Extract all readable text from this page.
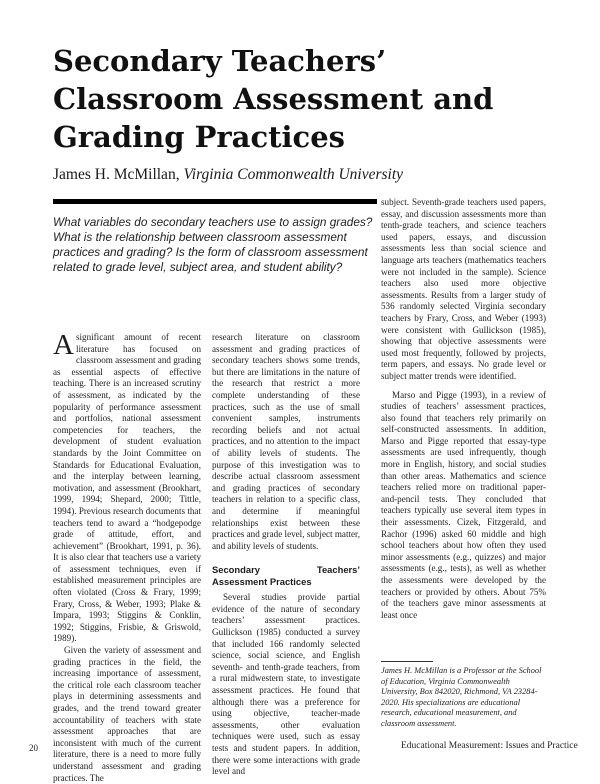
Secondary Teachers’ Classroom Assessment and Grading Practices
James H. McMillan, Virginia Commonwealth University

What variables do secondary teachers use to assign grades? What is the relationship between classroom assessment practices and grading? Is the form of classroom assessment related to grade level, subject area, and student ability?

A significant amount of recent literature has focused on classroom assessment and grading as essential aspects of effective teaching. There is an increased scrutiny of assessment, as indicated by the popularity of performance assessment and portfolios, national assessment competencies for teachers, the development of student evaluation standards by the Joint Committee on Standards for Educational Evaluation, and the interplay between learning, motivation, and assessment (Brookhart, 1999, 1994; Shepard, 2000; Tittle, 1994). Previous research documents that teachers tend to award a “hodgepodge grade of attitude, effort, and achievement” (Brookhart, 1991, p. 36). It is also clear that teachers use a variety of assessment techniques, even if established measurement principles are often violated (Cross & Frary, 1999; Frary, Cross, & Weber, 1993; Plake & Impara, 1993; Stiggins & Conklin, 1992; Stiggins, Frisbie, & Griswold, 1989).

Given the variety of assessment and grading practices in the field, the increasing importance of assessment, the critical role each classroom teacher plays in determining assessments and grades, and the trend toward greater accountability of teachers with state assessment approaches that are inconsistent with much of the current literature, there is a need to more fully understand assessment and grading practices. The

research literature on classroom assessment and grading practices of secondary teachers shows some trends, but there are limitations in the nature of the research that restrict a more complete understanding of these practices, such as the use of small convenient samples, instruments recording beliefs and not actual practices, and no attention to the impact of ability levels of students. The purpose of this investigation was to describe actual classroom assessment and grading practices of secondary teachers in relation to a specific class, and determine if meaningful relationships exist between these practices and grade level, subject matter, and ability levels of students.

Secondary Teachers’ Assessment Practices

Several studies provide partial evidence of the nature of secondary teachers’ assessment practices. Gullickson (1985) conducted a survey that included 166 randomly selected science, social science, and English seventh- and tenth-grade teachers, from a rural midwestern state, to investigate assessment practices. He found that although there was a preference for using objective, teacher-made assessments, other evaluation techniques were used, such as essay tests and student papers. In addition, there were some interactions with grade level and

subject. Seventh-grade teachers used papers, essay, and discussion assessments more than tenth-grade teachers, and science teachers used papers, essays, and discussion assessments less than social science and language arts teachers (mathematics teachers were not included in the sample). Science teachers also used more objective assessments. Results from a larger study of 536 randomly selected Virginia secondary teachers by Frary, Cross, and Weber (1993) were consistent with Gullickson (1985), showing that objective assessments were used most frequently, followed by projects, term papers, and essays. No grade level or subject matter trends were identified.

Marso and Pigge (1993), in a review of studies of teachers’ assessment practices, also found that teachers rely primarily on self-constructed assessments. In addition, Marso and Pigge reported that essay-type assessments are used infrequently, though more in English, history, and social studies than other areas. Mathematics and science teachers relied more on traditional paper-and-pencil tests. They concluded that teachers typically use several item types in their assessments. Cizek, Fitzgerald, and Rachor (1996) asked 60 middle and high school teachers about how often they used minor assessments (e.g., quizzes) and major assessments (e.g., tests), as well as whether the assessments were developed by the teachers or provided by others. About 75% of the teachers gave minor assessments at least once

James H. McMillan is a Professor at the School of Education, Virginia Commonwealth University, Box 842020, Richmond, VA 23284-2020. His specializations are educational research, educational measurement, and classroom assessment.

20	Educational Measurement: Issues and Practice
